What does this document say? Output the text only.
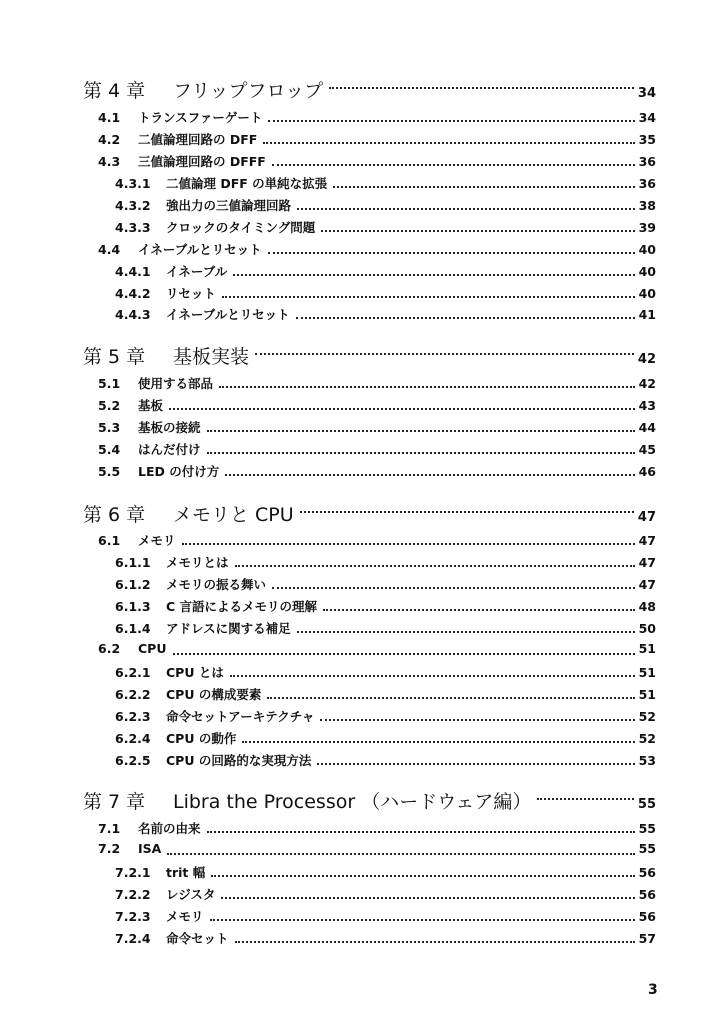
第 4 章	フリップフロップ	34
4.1	トランスファーゲート	34
4.2	二値論理回路の DFF	35
4.3	三値論理回路の DFFF	36
4.3.1	二値論理 DFF の単純な拡張	36
4.3.2	強出力の三値論理回路	38
4.3.3	クロックのタイミング問題	39
4.4	イネーブルとリセット	40
4.4.1	イネーブル	40
4.4.2	リセット	40
4.4.3	イネーブルとリセット	41
第 5 章	基板実装	42
5.1	使用する部品	42
5.2	基板	43
5.3	基板の接続	44
5.4	はんだ付け	45
5.5	LED の付け方	46
第 6 章	メモリと CPU	47
6.1	メモリ	47
6.1.1	メモリとは	47
6.1.2	メモリの振る舞い	47
6.1.3	C 言語によるメモリの理解	48
6.1.4	アドレスに関する補足	50
6.2	CPU	51
6.2.1	CPU とは	51
6.2.2	CPU の構成要素	51
6.2.3	命令セットアーキテクチャ	52
6.2.4	CPU の動作	52
6.2.5	CPU の回路的な実現方法	53
第 7 章	Libra the Processor （ハードウェア編）	55
7.1	名前の由来	55
7.2	ISA	55
7.2.1	trit 幅	56
7.2.2	レジスタ	56
7.2.3	メモリ	56
7.2.4	命令セット	57
3
